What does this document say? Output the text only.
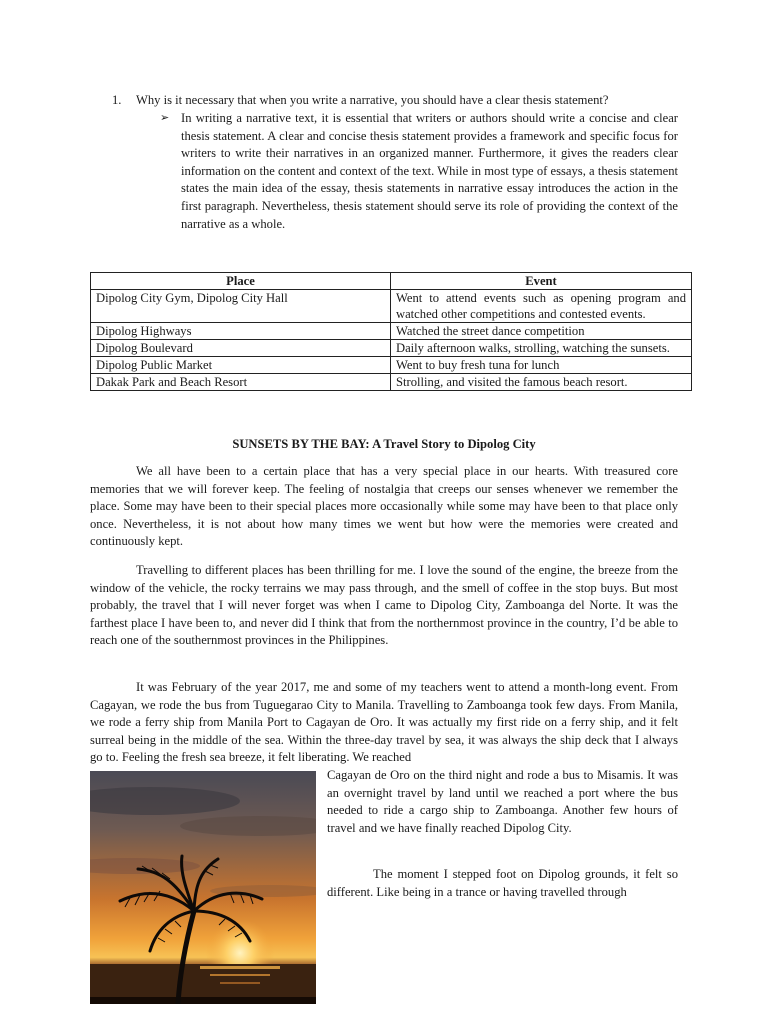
1. Why is it necessary that when you write a narrative, you should have a clear thesis statement?
➢ In writing a narrative text, it is essential that writers or authors should write a concise and clear thesis statement. A clear and concise thesis statement provides a framework and specific focus for writers to write their narratives in an organized manner. Furthermore, it gives the readers clear information on the content and context of the text. While in most type of essays, a thesis statement states the main idea of the essay, thesis statements in narrative essay introduces the action in the first paragraph. Nevertheless, thesis statement should serve its role of providing the context of the narrative as a whole.
Place	Event
Dipolog City Gym, Dipolog City Hall	Went to attend events such as opening program and watched other competitions and contested events.
Dipolog Highways	Watched the street dance competition
Dipolog Boulevard	Daily afternoon walks, strolling, watching the sunsets.
Dipolog Public Market	Went to buy fresh tuna for lunch
Dakak Park and Beach Resort	Strolling, and visited the famous beach resort.
SUNSETS BY THE BAY: A Travel Story to Dipolog City
We all have been to a certain place that has a very special place in our hearts. With treasured core memories that we will forever keep. The feeling of nostalgia that creeps our senses whenever we remember the place. Some may have been to their special places more occasionally while some may have been to that place only once. Nevertheless, it is not about how many times we went but how were the memories were created and continuously kept.
Travelling to different places has been thrilling for me. I love the sound of the engine, the breeze from the window of the vehicle, the rocky terrains we may pass through, and the smell of coffee in the stop buys. But most probably, the travel that I will never forget was when I came to Dipolog City, Zamboanga del Norte. It was the farthest place I have been to, and never did I think that from the northernmost province in the country, I’d be able to reach one of the southernmost provinces in the Philippines.
It was February of the year 2017, me and some of my teachers went to attend a month-long event. From Cagayan, we rode the bus from Tuguegarao City to Manila. Travelling to Zamboanga took few days. From Manila, we rode a ferry ship from Manila Port to Cagayan de Oro. It was actually my first ride on a ferry ship, and it felt surreal being in the middle of the sea. Within the three-day travel by sea, it was always the ship deck that I always go to. Feeling the fresh sea breeze, it felt liberating. We reached
Cagayan de Oro on the third night and rode a bus to Misamis. It was an overnight travel by land until we reached a port where the bus needed to ride a cargo ship to Zamboanga. Another few hours of travel and we have finally reached Dipolog City.
The moment I stepped foot on Dipolog grounds, it felt so different. Like being in a trance or having travelled through
